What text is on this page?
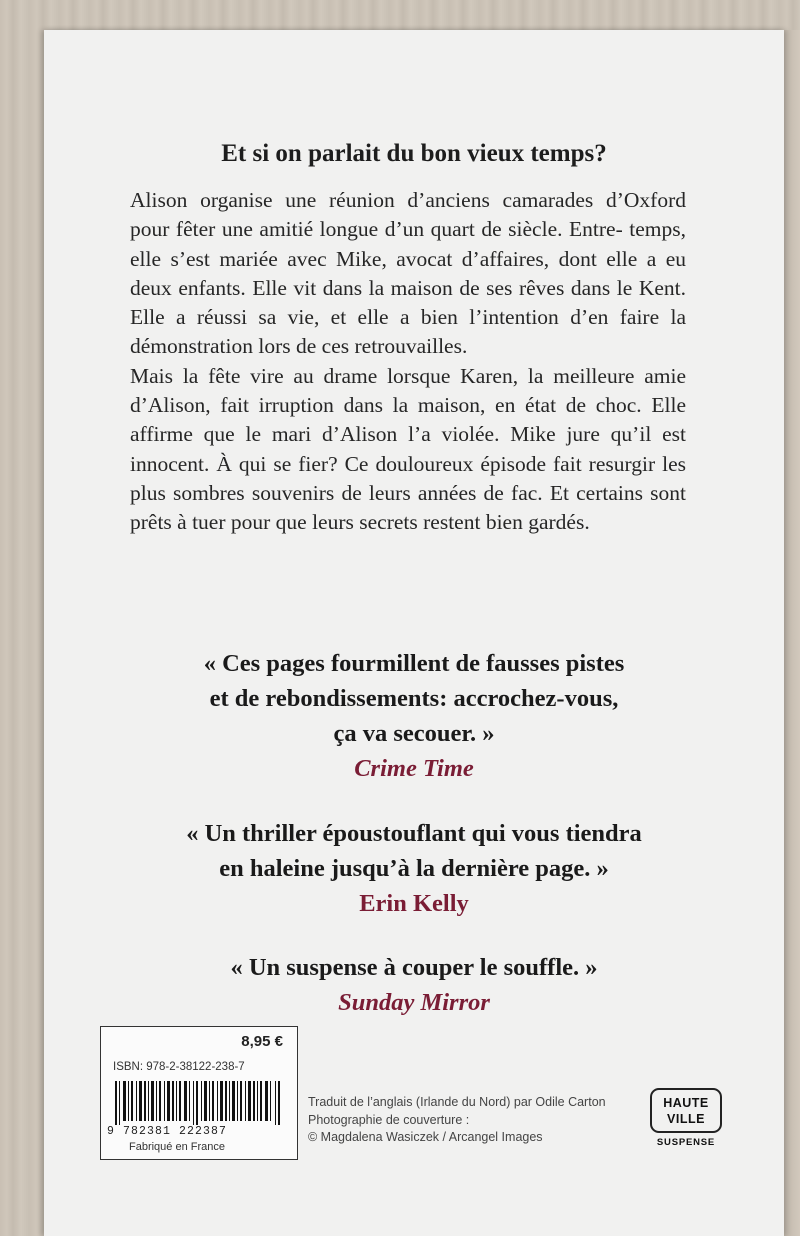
Et si on parlait du bon vieux temps?

Alison organise une réunion d’anciens camarades d’Oxford pour fêter une amitié longue d’un quart de siècle. Entre- temps, elle s’est mariée avec Mike, avocat d’affaires, dont elle a eu deux enfants. Elle vit dans la maison de ses rêves dans le Kent. Elle a réussi sa vie, et elle a bien l’intention d’en faire la démonstration lors de ces retrouvailles.

Mais la fête vire au drame lorsque Karen, la meilleure amie d’Alison, fait irruption dans la maison, en état de choc. Elle affirme que le mari d’Alison l’a violée. Mike jure qu’il est innocent. À qui se fier? Ce douloureux épisode fait resurgir les plus sombres souvenirs de leurs années de fac. Et certains sont prêts à tuer pour que leurs secrets restent bien gardés.

« Ces pages fourmillent de fausses pistes
et de rebondissements: accrochez-vous,
ça va secouer. »
Crime Time
« Un thriller époustouflant qui vous tiendra
en haleine jusqu’à la dernière page. »
Erin Kelly
« Un suspense à couper le souffle. »
Sunday Mirror
8,95 €
ISBN: 978-2-38122-238-7
9 782381 222387
Fabriqué en France
Traduit de l’anglais (Irlande du Nord) par Odile Carton
Photographie de couverture :
© Magdalena Wasiczek / Arcangel Images
HAUTE
VILLE
SUSPENSE
